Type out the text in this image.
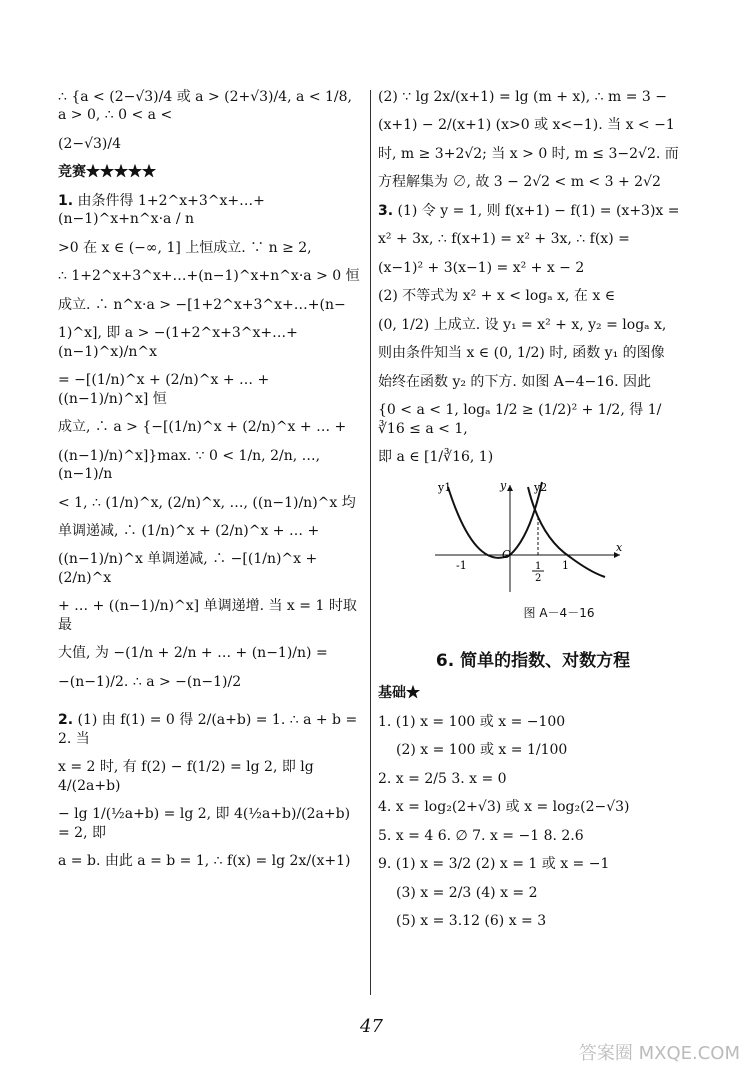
∴ {a < (2−√3)/4 或 a > (2+√3)/4, a < 1/8, a > 0, ∴ 0 < a <
(2−√3)/4
竞赛★★★★★
1. 由条件得 1+2^x+3^x+…+(n−1)^x+n^x·a / n
>0 在 x ∈ (−∞, 1] 上恒成立. ∵ n ≥ 2,
∴ 1+2^x+3^x+…+(n−1)^x+n^x·a > 0 恒
成立. ∴ n^x·a > −[1+2^x+3^x+…+(n−
1)^x], 即 a > −(1+2^x+3^x+…+(n−1)^x)/n^x
= −[(1/n)^x + (2/n)^x + … + ((n−1)/n)^x] 恒
成立, ∴ a > {−[(1/n)^x + (2/n)^x + … +
((n−1)/n)^x]}max. ∵ 0 < 1/n, 2/n, …, (n−1)/n
< 1, ∴ (1/n)^x, (2/n)^x, …, ((n−1)/n)^x 均
单调递减, ∴ (1/n)^x + (2/n)^x + … +
((n−1)/n)^x 单调递减, ∴ −[(1/n)^x + (2/n)^x
+ … + ((n−1)/n)^x] 单调递增. 当 x = 1 时取最
大值, 为 −(1/n + 2/n + … + (n−1)/n) =
−(n−1)/2. ∴ a > −(n−1)/2
2. (1) 由 f(1) = 0 得 2/(a+b) = 1. ∴ a + b = 2. 当
x = 2 时, 有 f(2) − f(1/2) = lg 2, 即 lg 4/(2a+b)
− lg 1/(½a+b) = lg 2, 即 4(½a+b)/(2a+b) = 2, 即
a = b. 由此 a = b = 1, ∴ f(x) = lg 2x/(x+1)
(2) ∵ lg 2x/(x+1) = lg (m + x), ∴ m = 3 −
(x+1) − 2/(x+1) (x>0 或 x<−1). 当 x < −1
时, m ≥ 3+2√2; 当 x > 0 时, m ≤ 3−2√2. 而
方程解集为 ∅, 故 3 − 2√2 < m < 3 + 2√2
3. (1) 令 y = 1, 则 f(x+1) − f(1) = (x+3)x =
x² + 3x, ∴ f(x+1) = x² + 3x, ∴ f(x) =
(x−1)² + 3(x−1) = x² + x − 2
(2) 不等式为 x² + x < logₐ x, 在 x ∈
(0, 1/2) 上成立. 设 y₁ = x² + x, y₂ = logₐ x,
则由条件知当 x ∈ (0, 1/2) 时, 函数 y₁ 的图像
始终在函数 y₂ 的下方. 如图 A−4−16. 因此
{0 < a < 1, logₐ 1/2 ≥ (1/2)² + 1/2, 得 1/∛16 ≤ a < 1,
即 a ∈ [1/∛16, 1)
y1	y	y2
x
O
-1	1
2
1
图 A－4－16
6. 简单的指数、对数方程
基础★
1. (1) x = 100 或 x = −100
(2) x = 100 或 x = 1/100
2. x = 2/5 3. x = 0
4. x = log₂(2+√3) 或 x = log₂(2−√3)
5. x = 4 6. ∅ 7. x = −1 8. 2.6
9. (1) x = 3/2 (2) x = 1 或 x = −1
(3) x = 2/3 (4) x = 2
(5) x = 3.12 (6) x = 3
47
答案圈 MXQE.COM
